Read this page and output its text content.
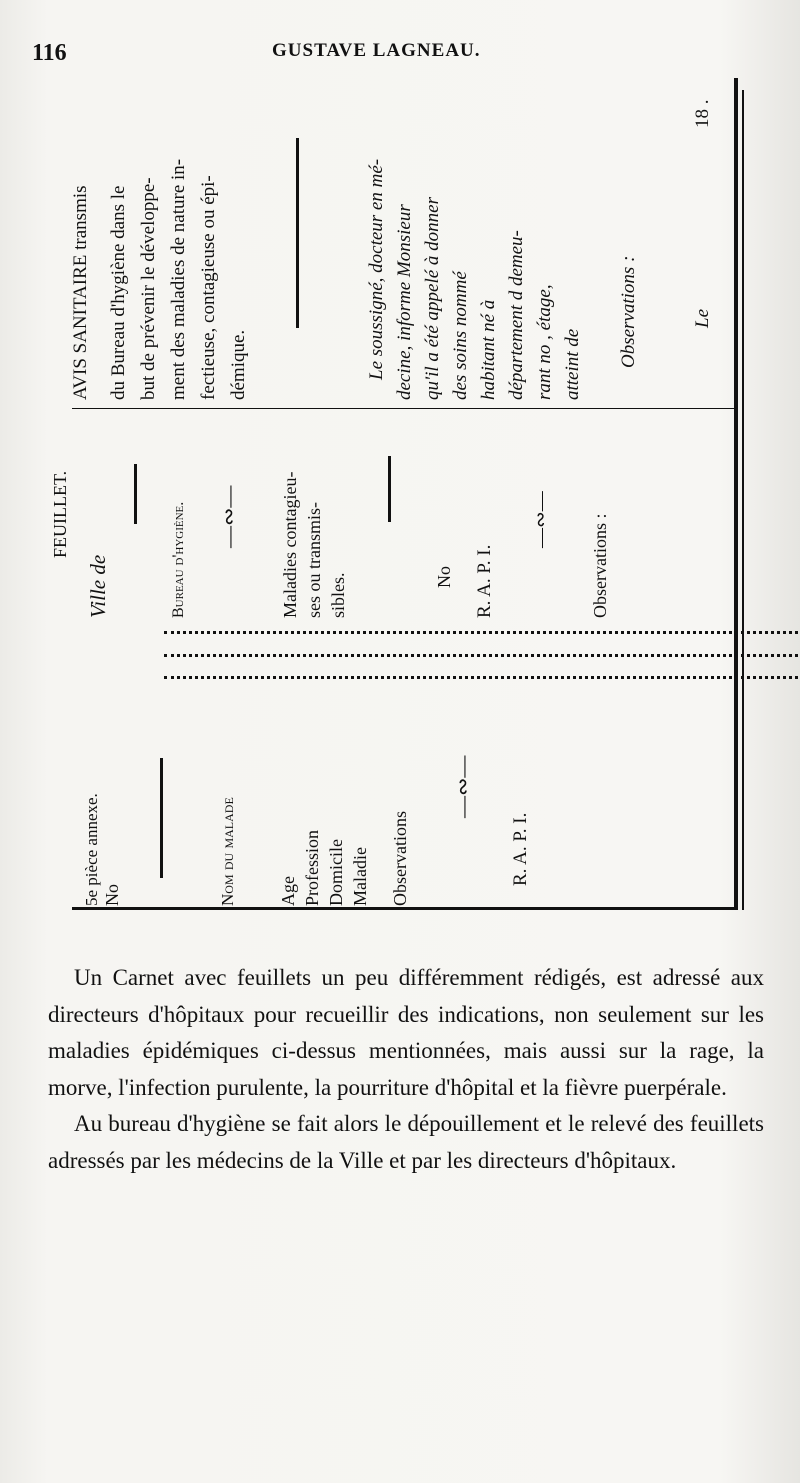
116	GUSTAVE LAGNEAU.
5e pièce annexe. No	Nom du malade Age Profession Domicile Maladie Observations
—∾—
R. A. P. I.
FEUILLET.
Ville de	Bureau d'hygiène. —∾— Maladies contagieu- ses ou transmis- sibles.	No R. A. P. I.
—∾— Observations :
AVIS SANITAIRE transmis du Bureau d'hygiène dans le but de prévenir le développe- ment des maladies de nature in- fectieuse, contagieuse ou épi- démique.	Le soussigné, docteur en mé- decine, informe Monsieur qu'il a été appelé à donner des soins nommé habitant né à département d demeu- rant no , étage, atteint de Observations :	Le
18 .

Un Carnet avec feuillets un peu différemment rédigés, est adressé aux directeurs d'hôpitaux pour recueillir des indications, non seulement sur les maladies épidémiques ci-dessus mentionnées, mais aussi sur la rage, la morve, l'infection purulente, la pourriture d'hôpital et la fièvre puerpérale.

Au bureau d'hygiène se fait alors le dépouillement et le relevé des feuillets adressés par les médecins de la Ville et par les directeurs d'hôpitaux.
